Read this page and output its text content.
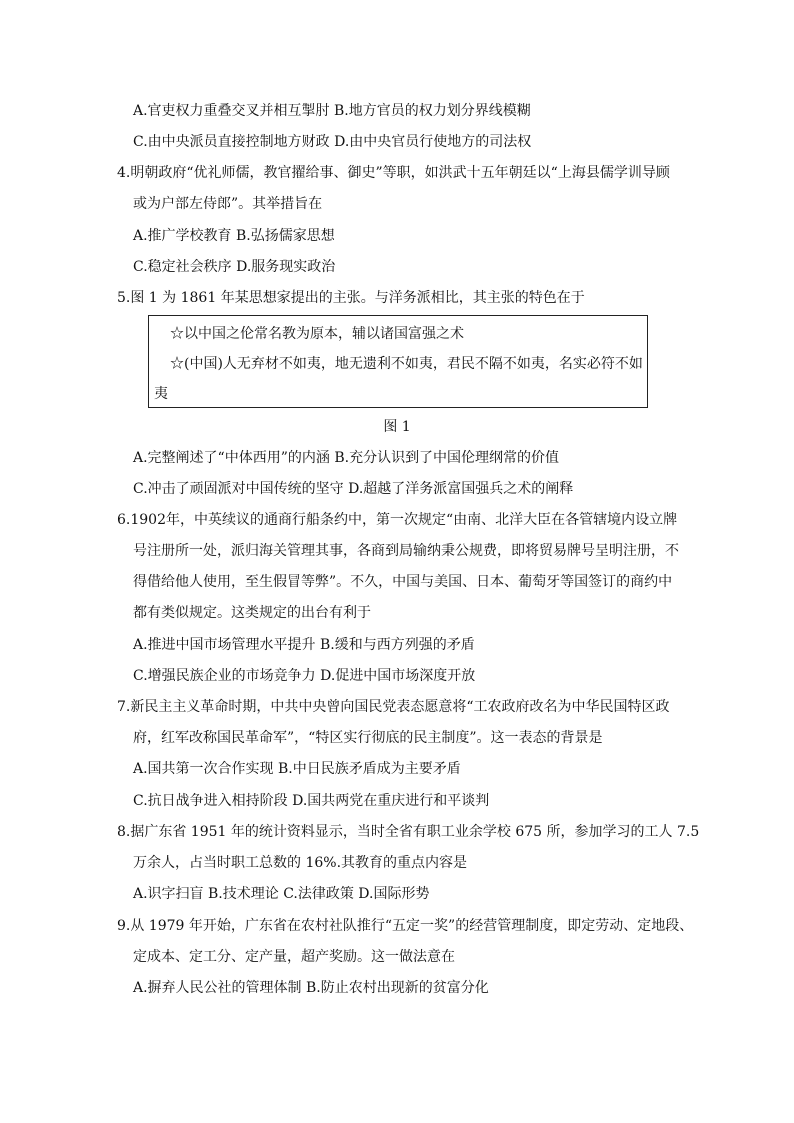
A.官吏权力重叠交叉并相互掣肘 B.地方官员的权力划分界线模糊
C.由中央派员直接控制地方财政 D.由中央官员行使地方的司法权
4.明朝政府“优礼师儒，教官擢给事、御史”等职，如洪武十五年朝廷以“上海县儒学训导顾
或为户部左侍郎”。其举措旨在
A.推广学校教育 B.弘扬儒家思想
C.稳定社会秩序 D.服务现实政治
5.图 1 为 1861 年某思想家提出的主张。与洋务派相比，其主张的特色在于
☆以中国之伦常名教为原本，辅以诸国富强之术
☆(中国)人无弃材不如夷，地无遗利不如夷，君民不隔不如夷，名实必符不如
夷
图 1
A.完整阐述了“中体西用”的内涵 B.充分认识到了中国伦理纲常的价值
C.冲击了顽固派对中国传统的坚守 D.超越了洋务派富国强兵之术的阐释
6.1902年，中英续议的通商行船条约中，第一次规定“由南、北洋大臣在各管辖境内设立牌
号注册所一处，派归海关管理其事，各商到局输纳秉公规费，即将贸易牌号呈明注册，不
得借给他人使用，至生假冒等弊”。不久，中国与美国、日本、葡萄牙等国签订的商约中
都有类似规定。这类规定的出台有利于
A.推进中国市场管理水平提升 B.缓和与西方列强的矛盾
C.增强民族企业的市场竞争力 D.促进中国市场深度开放
7.新民主主义革命时期，中共中央曾向国民党表态愿意将“工农政府改名为中华民国特区政
府，红军改称国民革命军”，“特区实行彻底的民主制度”。这一表态的背景是
A.国共第一次合作实现 B.中日民族矛盾成为主要矛盾
C.抗日战争进入相持阶段 D.国共两党在重庆进行和平谈判
8.据广东省 1951 年的统计资料显示，当时全省有职工业余学校 675 所，参加学习的工人 7.5
万余人，占当时职工总数的 16%.其教育的重点内容是
A.识字扫盲 B.技术理论 C.法律政策 D.国际形势
9.从 1979 年开始，广东省在农村社队推行“五定一奖”的经营管理制度，即定劳动、定地段、
定成本、定工分、定产量，超产奖励。这一做法意在
A.摒弃人民公社的管理体制 B.防止农村出现新的贫富分化
